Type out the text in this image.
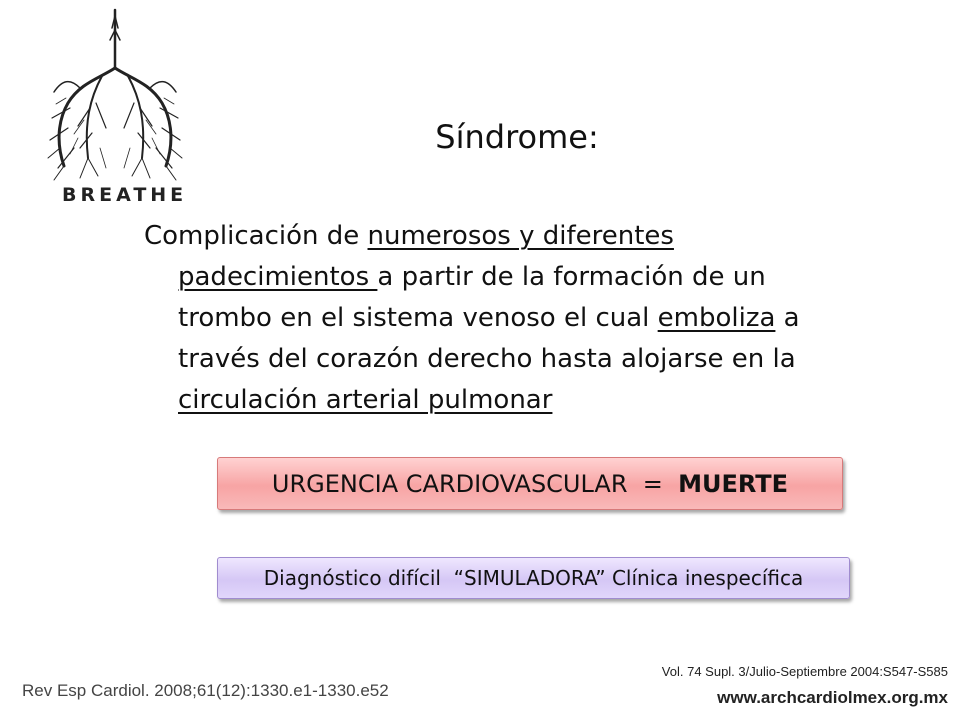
BREATHE
Síndrome:
Complicación de numerosos y diferentes
padecimientos a partir de la formación de un
trombo en el sistema venoso el cual emboliza a
través del corazón derecho hasta alojarse en la
circulación arterial pulmonar
URGENCIA CARDIOVASCULAR  = MUERTE
Diagnóstico difícil  “SIMULADORA” Clínica inespecífica
Vol. 74 Supl. 3/Julio-Septiembre 2004:S547-S585
www.archcardiolmex.org.mx
Rev Esp Cardiol. 2008;61(12):1330.e1-1330.e52
